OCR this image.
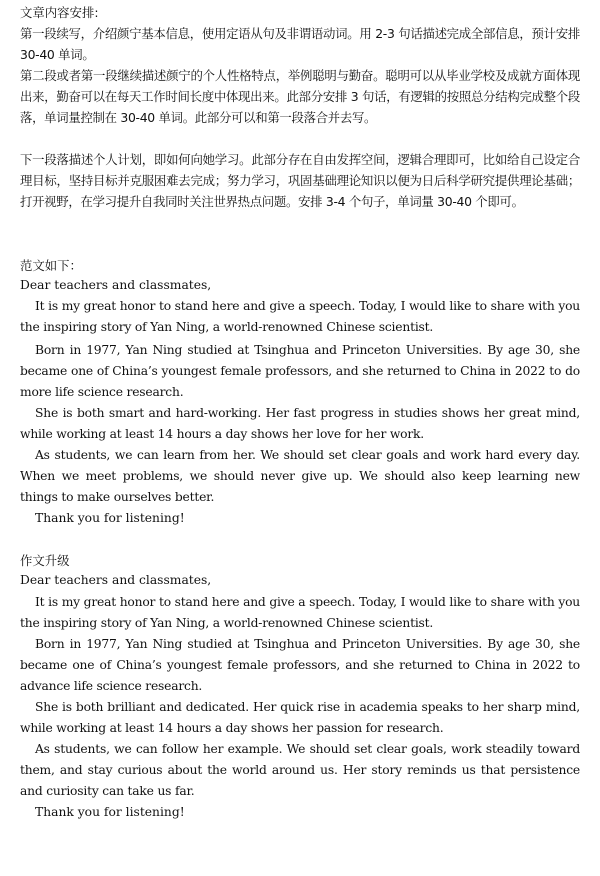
文章内容安排:

第一段续写，介绍颜宁基本信息，使用定语从句及非谓语动词。用 2-3 句话描述完成全部信息，预计安排 30-40 单词。

第二段或者第一段继续描述颜宁的个人性格特点，举例聪明与勤奋。聪明可以从毕业学校及成就方面体现出来，勤奋可以在每天工作时间长度中体现出来。此部分安排 3 句话，有逻辑的按照总分结构完成整个段落，单词量控制在 30-40 单词。此部分可以和第一段落合并去写。

下一段落描述个人计划，即如何向她学习。此部分存在自由发挥空间，逻辑合理即可，比如给自己设定合理目标，坚持目标并克服困难去完成；努力学习，巩固基础理论知识以便为日后科学研究提供理论基础；打开视野，在学习提升自我同时关注世界热点问题。安排 3-4 个句子，单词量 30-40 个即可。

范文如下：
Dear teachers and classmates,

It is my great honor to stand here and give a speech. Today, I would like to share with you the inspiring story of Yan Ning, a world-renowned Chinese scientist.

Born in 1977, Yan Ning studied at Tsinghua and Princeton Universities. By age 30, she became one of China’s youngest female professors, and she returned to China in 2022 to do more life science research.

She is both smart and hard-working. Her fast progress in studies shows her great mind, while working at least 14 hours a day shows her love for her work.

As students, we can learn from her. We should set clear goals and work hard every day. When we meet problems, we should never give up. We should also keep learning new things to make ourselves better.

Thank you for listening!
作文升级
Dear teachers and classmates,

It is my great honor to stand here and give a speech. Today, I would like to share with you the inspiring story of Yan Ning, a world-renowned Chinese scientist.

Born in 1977, Yan Ning studied at Tsinghua and Princeton Universities. By age 30, she became one of China’s youngest female professors, and she returned to China in 2022 to advance life science research.

She is both brilliant and dedicated. Her quick rise in academia speaks to her sharp mind, while working at least 14 hours a day shows her passion for research.

As students, we can follow her example. We should set clear goals, work steadily toward them, and stay curious about the world around us. Her story reminds us that persistence and curiosity can take us far.

Thank you for listening!
